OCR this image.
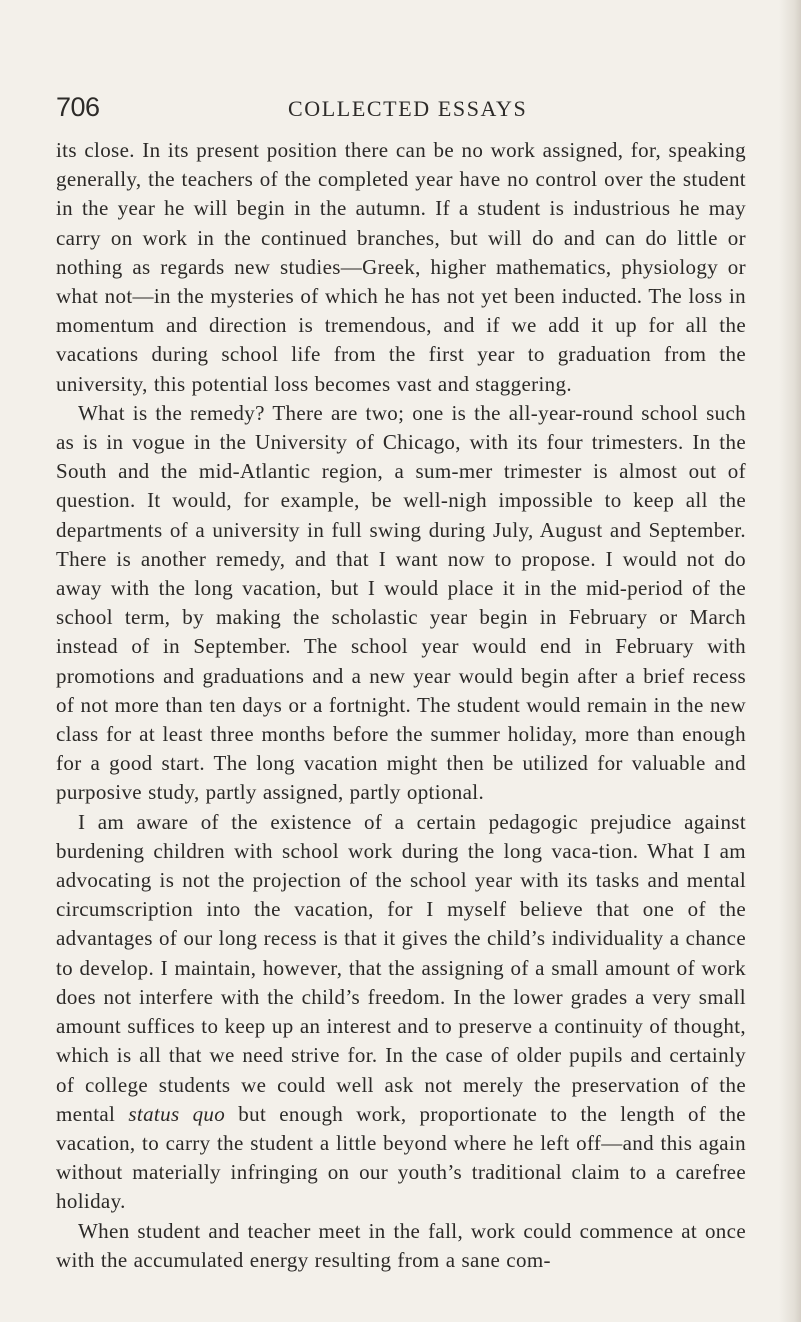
706	COLLECTED ESSAYS

its close. In its present position there can be no work assigned, for, speaking generally, the teachers of the completed year have no control over the student in the year he will begin in the autumn. If a student is industrious he may carry on work in the continued branches, but will do and can do little or nothing as regards new studies—Greek, higher mathematics, physiology or what not—in the mysteries of which he has not yet been inducted. The loss in momentum and direction is tremendous, and if we add it up for all the vacations during school life from the first year to graduation from the university, this potential loss becomes vast and staggering.

What is the remedy? There are two; one is the all-year-round school such as is in vogue in the University of Chicago, with its four trimesters. In the South and the mid-Atlantic region, a sum-mer trimester is almost out of question. It would, for example, be well-nigh impossible to keep all the departments of a university in full swing during July, August and September. There is another remedy, and that I want now to propose. I would not do away with the long vacation, but I would place it in the mid-period of the school term, by making the scholastic year begin in February or March instead of in September. The school year would end in February with promotions and graduations and a new year would begin after a brief recess of not more than ten days or a fortnight. The student would remain in the new class for at least three months before the summer holiday, more than enough for a good start. The long vacation might then be utilized for valuable and purposive study, partly assigned, partly optional.

I am aware of the existence of a certain pedagogic prejudice against burdening children with school work during the long vaca-tion. What I am advocating is not the projection of the school year with its tasks and mental circumscription into the vacation, for I myself believe that one of the advantages of our long recess is that it gives the child’s individuality a chance to develop. I maintain, however, that the assigning of a small amount of work does not interfere with the child’s freedom. In the lower grades a very small amount suffices to keep up an interest and to preserve a continuity of thought, which is all that we need strive for. In the case of older pupils and certainly of college students we could well ask not merely the preservation of the mental status quo but enough work, proportionate to the length of the vacation, to carry the student a little beyond where he left off—and this again without materially infringing on our youth’s traditional claim to a carefree holiday.

When student and teacher meet in the fall, work could commence at once with the accumulated energy resulting from a sane com-
